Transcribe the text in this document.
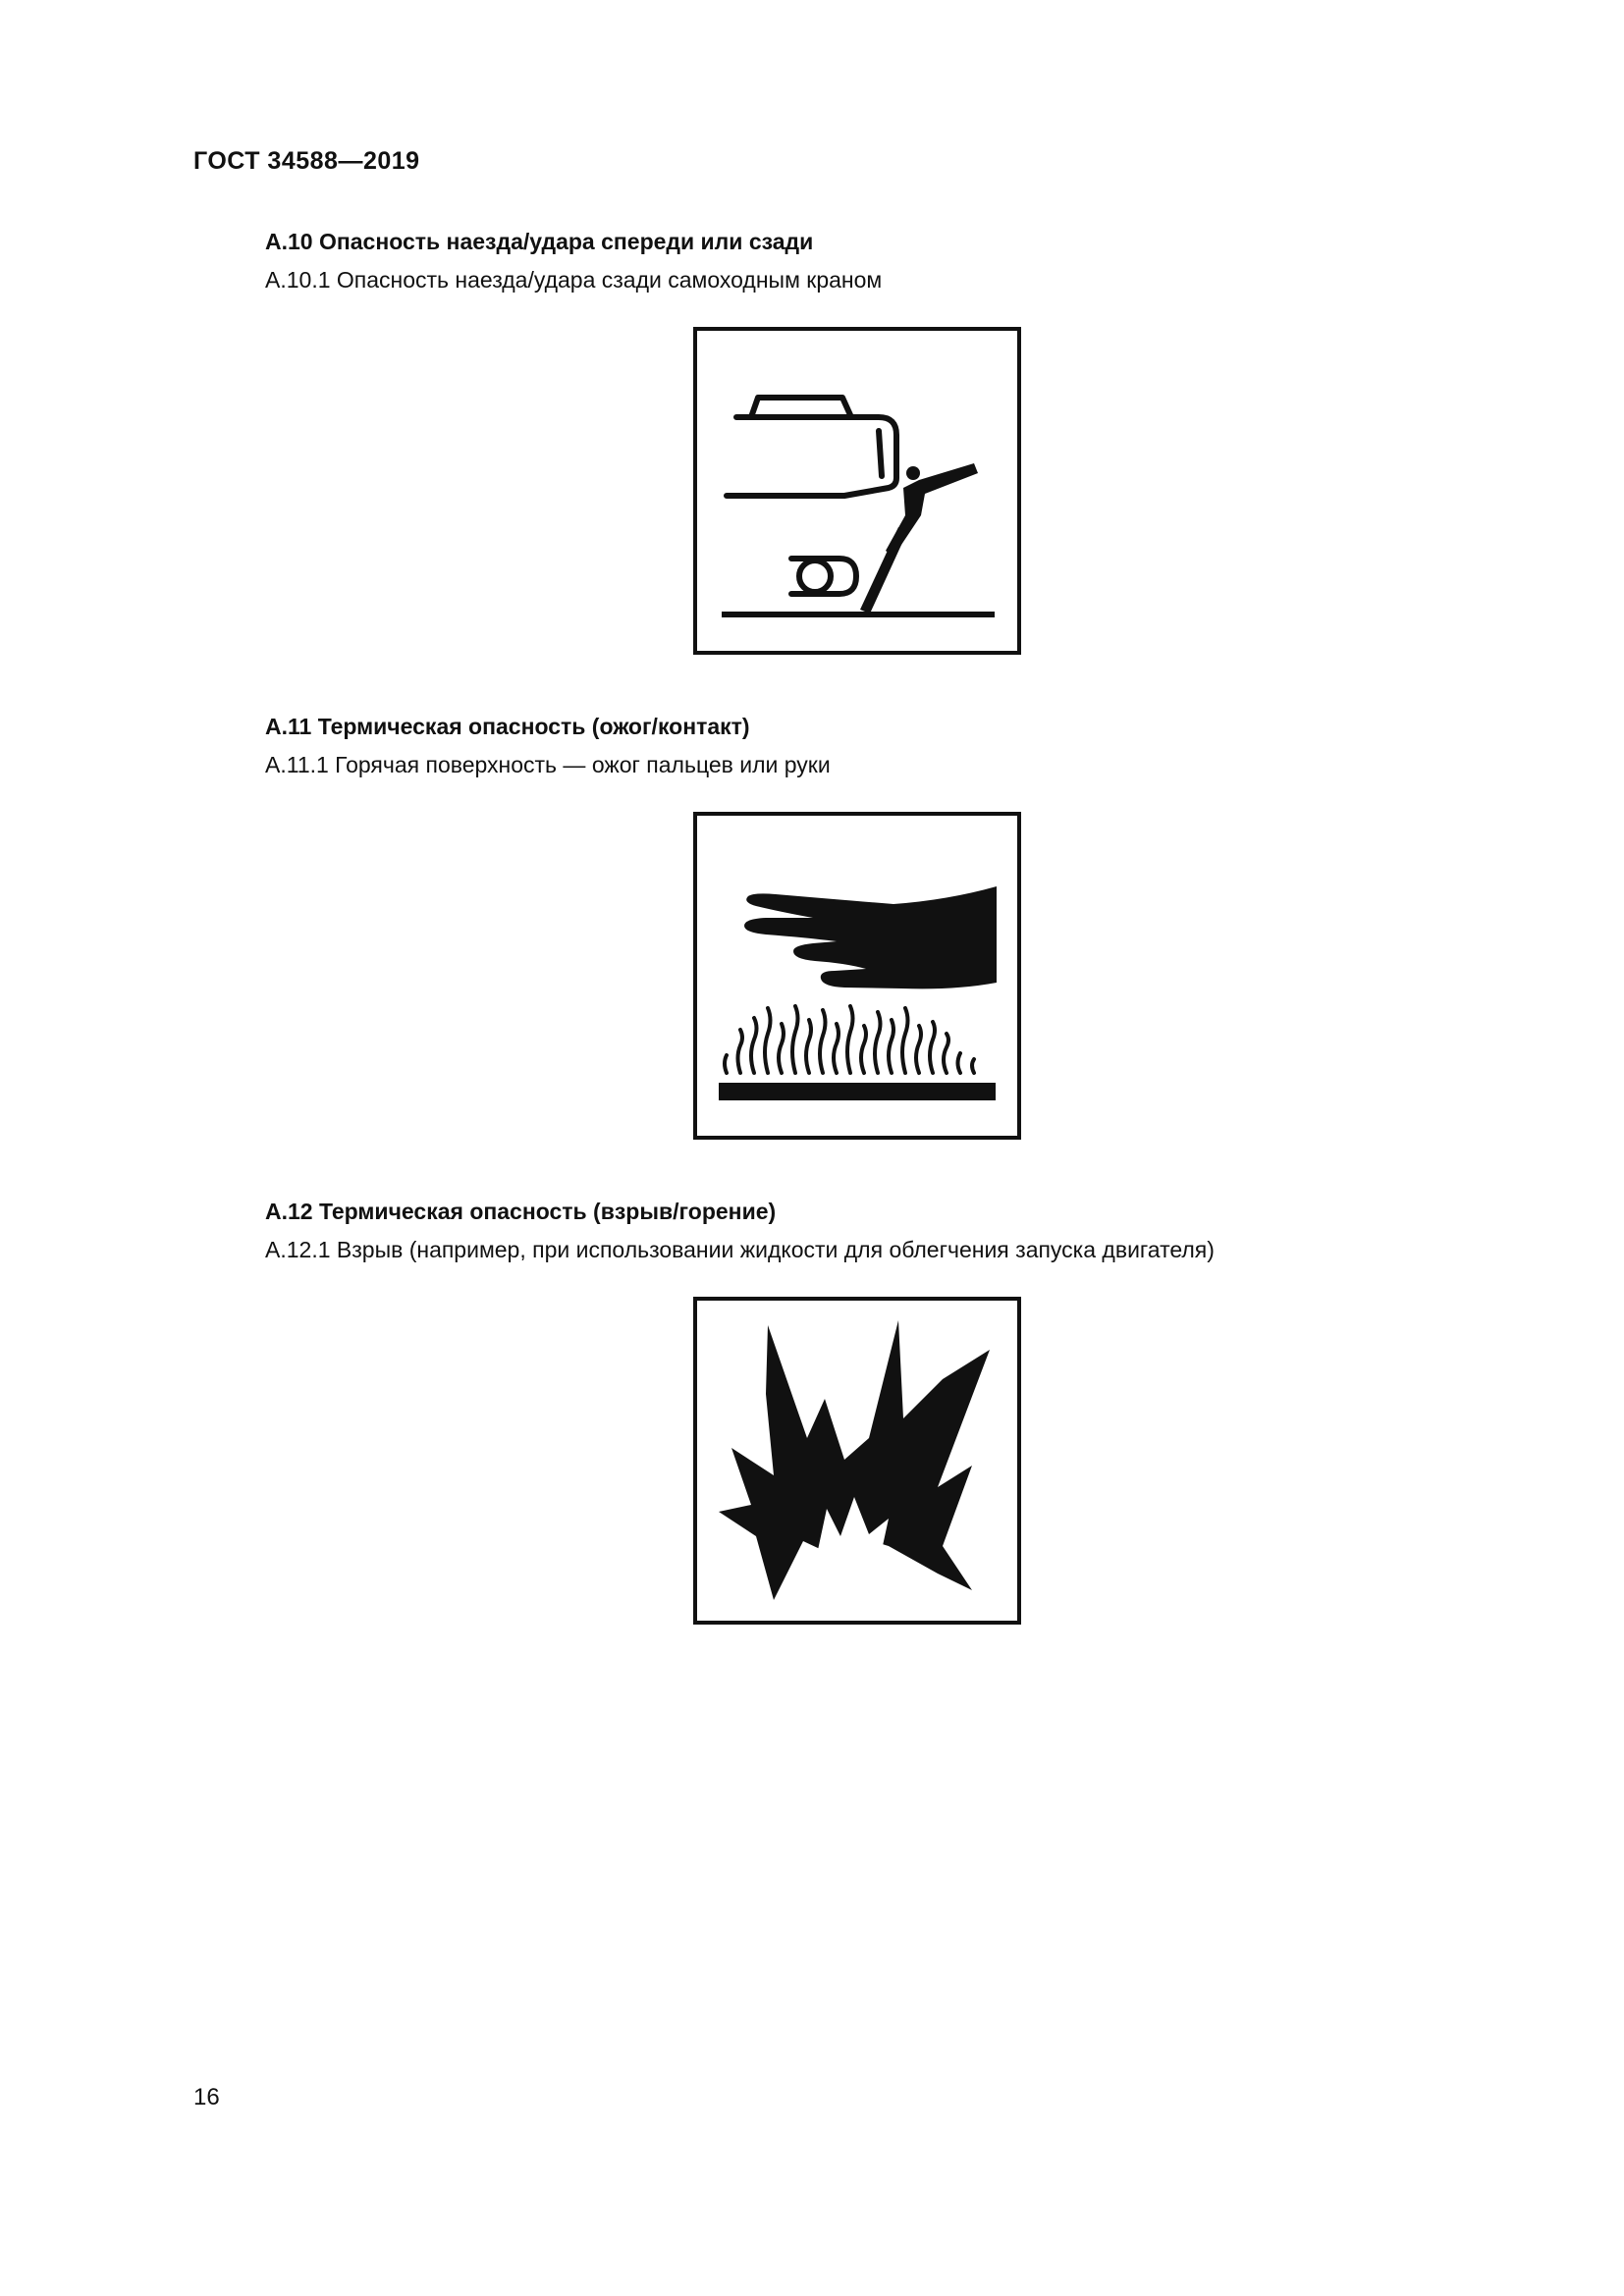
ГОСТ 34588—2019
А.10 Опасность наезда/удара спереди или сзади
А.10.1 Опасность наезда/удара сзади самоходным краном
А.11 Термическая опасность (ожог/контакт)
А.11.1 Горячая поверхность — ожог пальцев или руки
А.12 Термическая опасность (взрыв/горение)
А.12.1 Взрыв (например, при использовании жидкости для облегчения запуска двигателя)
16
